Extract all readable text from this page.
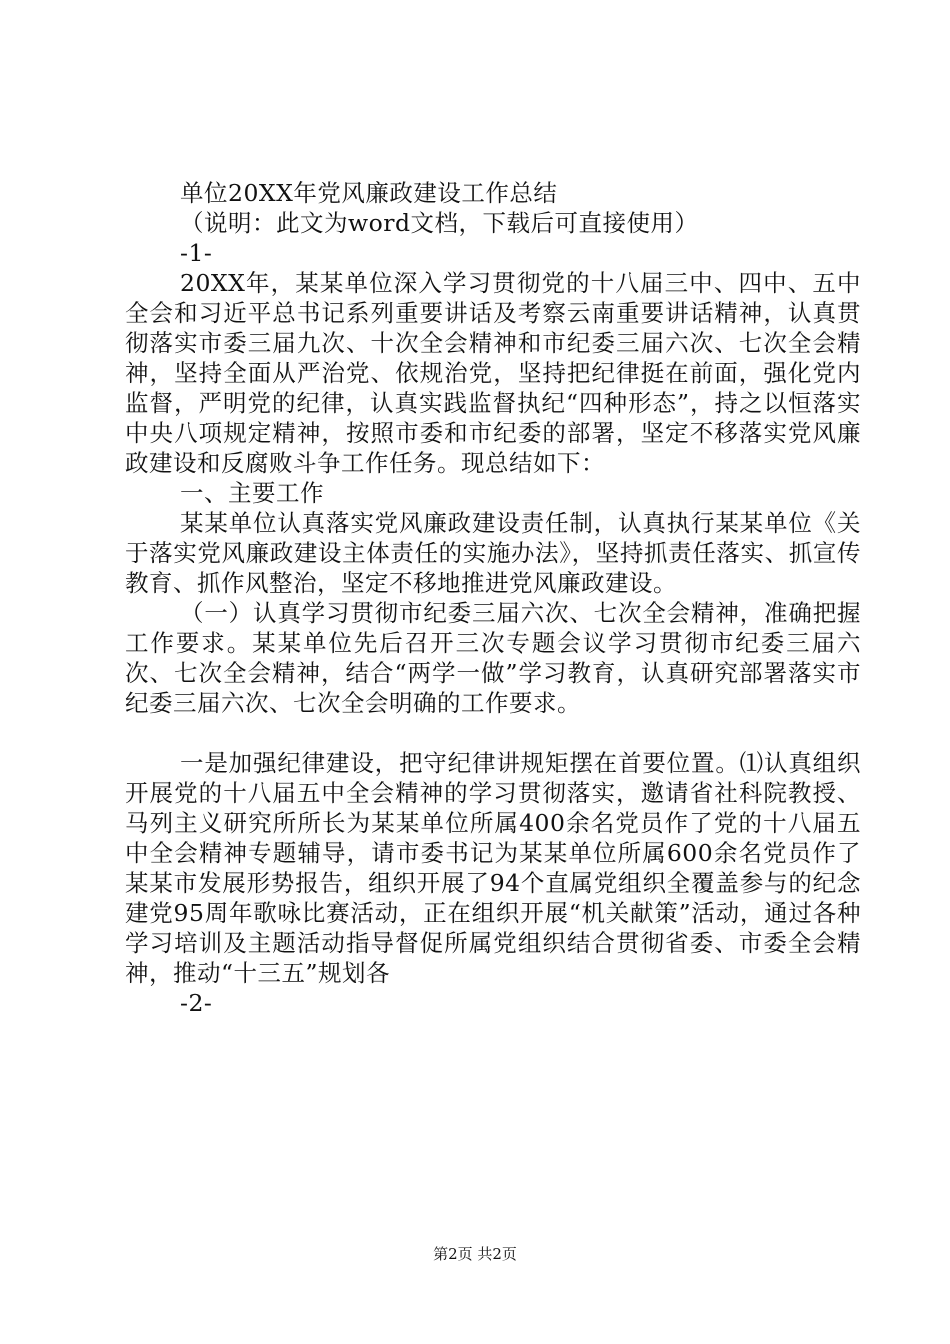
单位20XX年党风廉政建设工作总结

（说明：此文为word文档，下载后可直接使用）

-1-

20XX年，某某单位深入学习贯彻党的十八届三中、四中、五中全会和习近平总书记系列重要讲话及考察云南重要讲话精神，认真贯彻落实市委三届九次、十次全会精神和市纪委三届六次、七次全会精神，坚持全面从严治党、依规治党，坚持把纪律挺在前面，强化党内监督，严明党的纪律，认真实践监督执纪“四种形态”，持之以恒落实中央八项规定精神，按照市委和市纪委的部署，坚定不移落实党风廉政建设和反腐败斗争工作任务。现总结如下：

一、主要工作

某某单位认真落实党风廉政建设责任制，认真执行某某单位《关于落实党风廉政建设主体责任的实施办法》，坚持抓责任落实、抓宣传教育、抓作风整治，坚定不移地推进党风廉政建设。

（一）认真学习贯彻市纪委三届六次、七次全会精神，准确把握工作要求。某某单位先后召开三次专题会议学习贯彻市纪委三届六次、七次全会精神，结合“两学一做”学习教育，认真研究部署落实市纪委三届六次、七次全会明确的工作要求。

一是加强纪律建设，把守纪律讲规矩摆在首要位置。⑴认真组织开展党的十八届五中全会精神的学习贯彻落实，邀请省社科院教授、马列主义研究所所长为某某单位所属400余名党员作了党的十八届五中全会精神专题辅导，请市委书记为某某单位所属600余名党员作了某某市发展形势报告，组织开展了94个直属党组织全覆盖参与的纪念建党95周年歌咏比赛活动，正在组织开展“机关献策”活动，通过各种学习培训及主题活动指导督促所属党组织结合贯彻省委、市委全会精神，推动“十三五”规划各

-2-

第2页 共2页
